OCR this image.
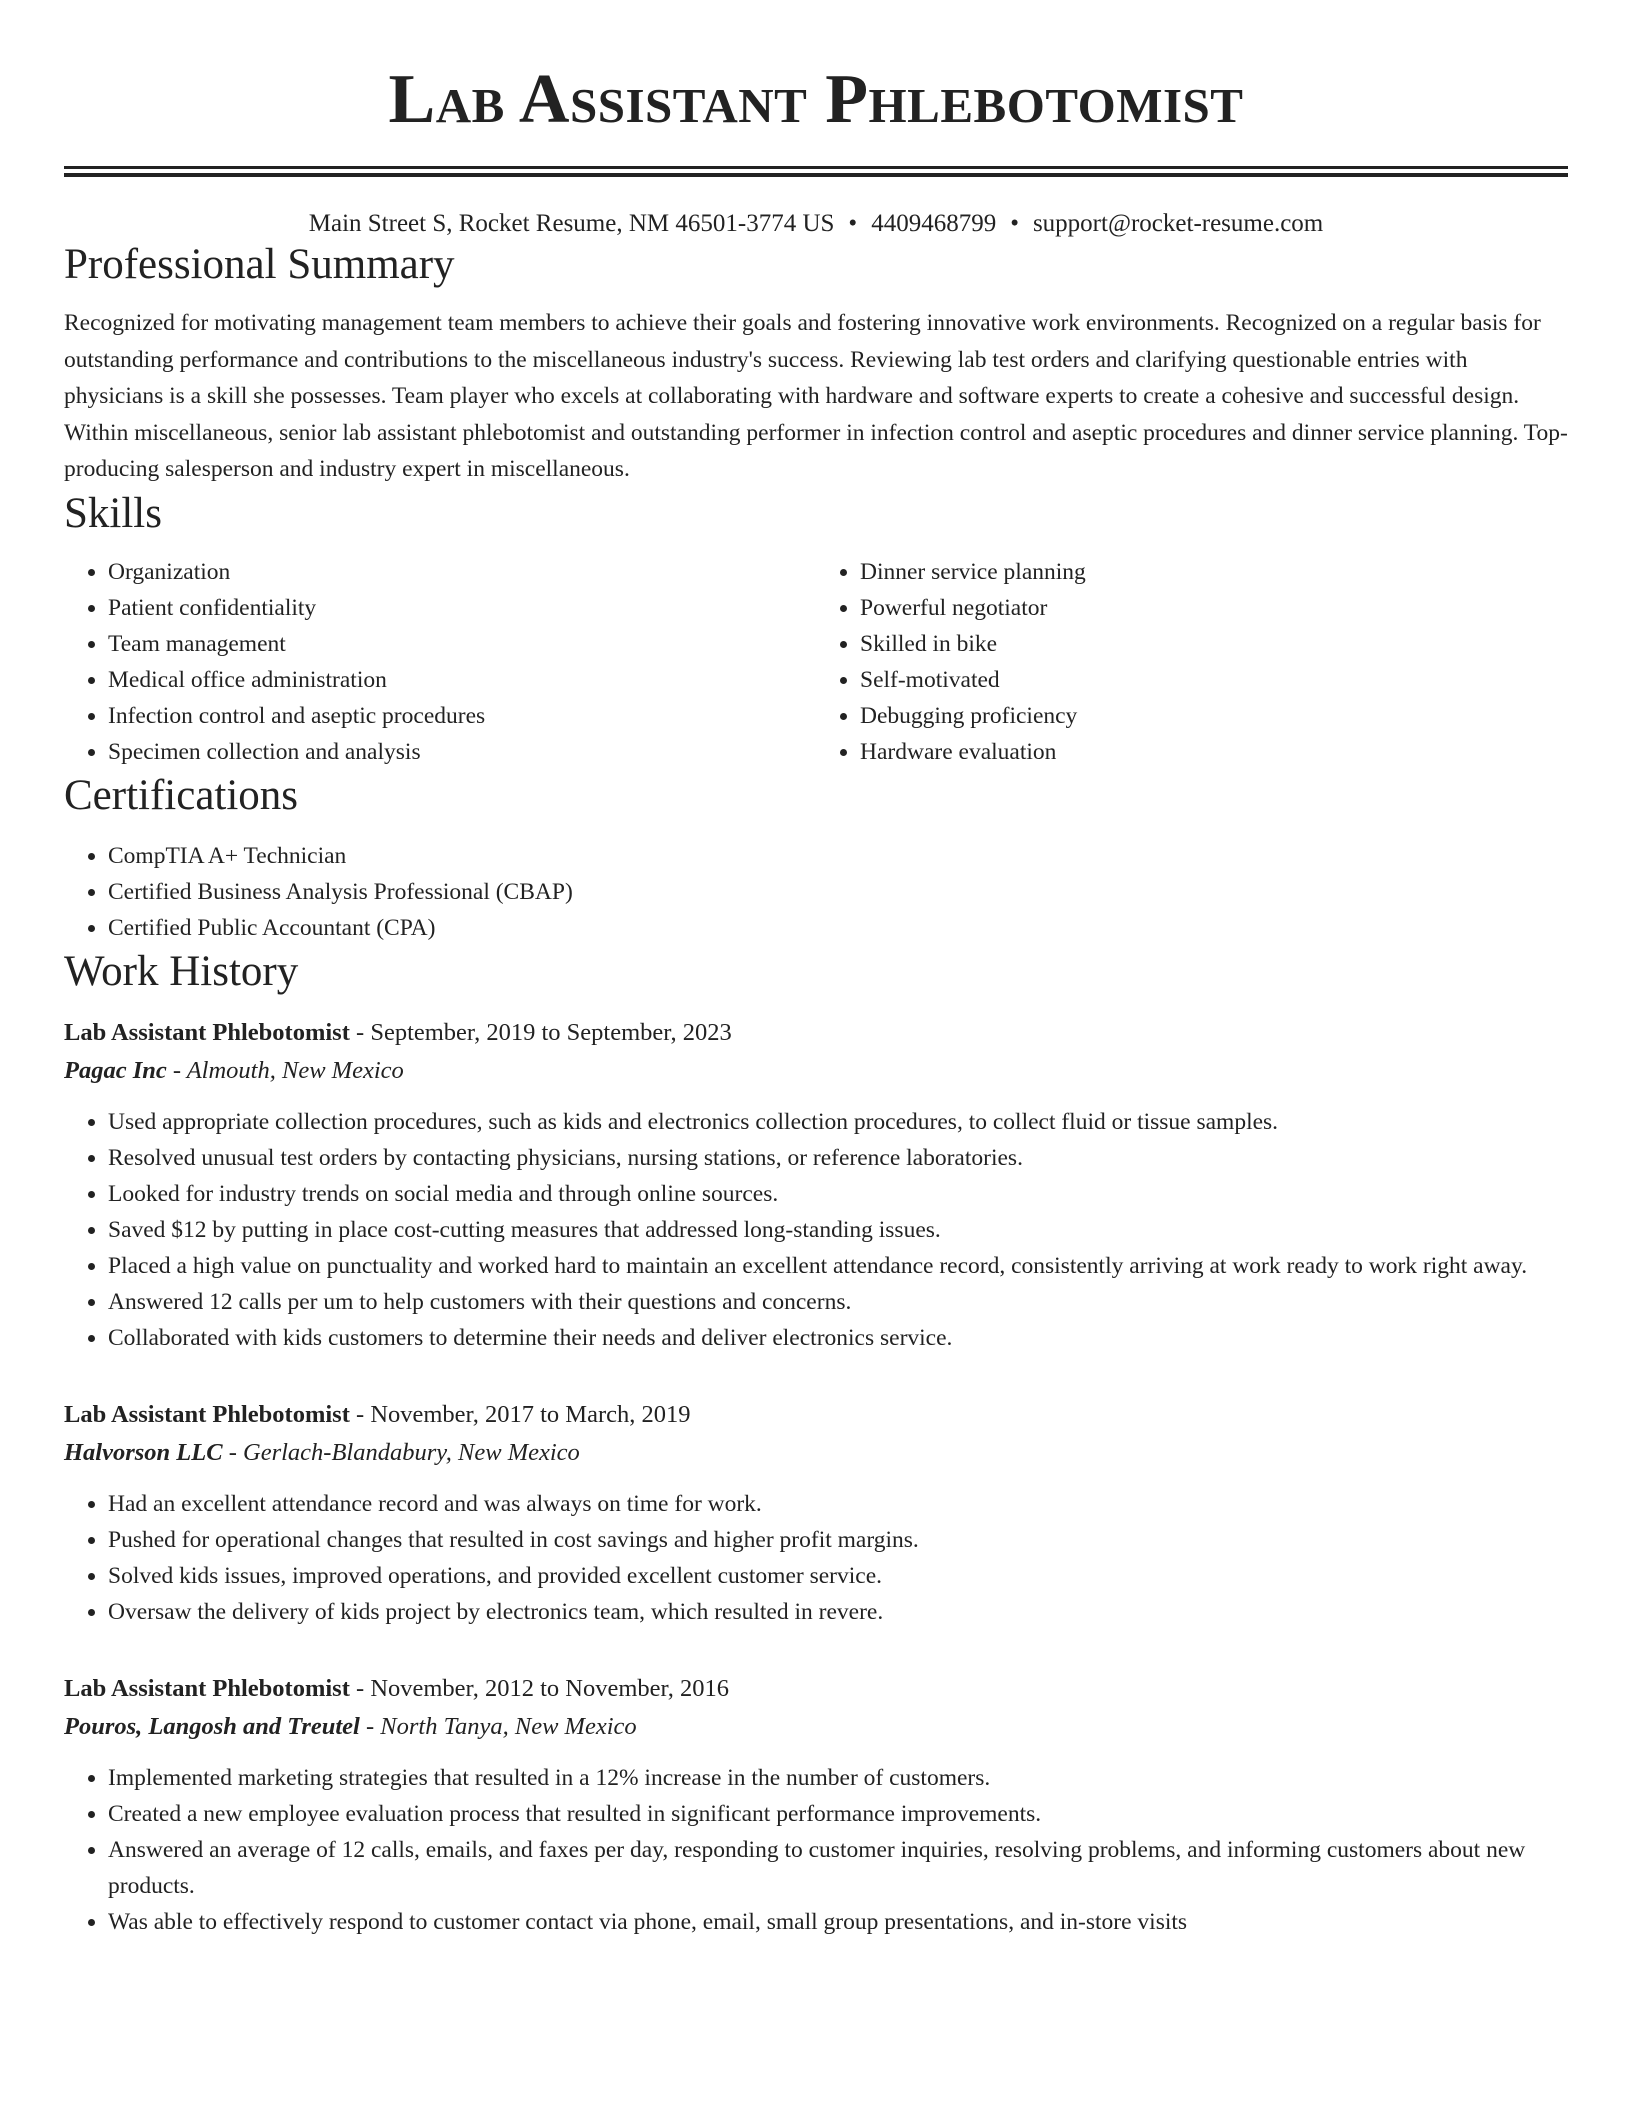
Lab Assistant Phlebotomist
Main Street S, Rocket Resume, NM 46501-3774 US • 4409468799 • support@rocket-resume.com
Professional Summary

Recognized for motivating management team members to achieve their goals and fostering innovative work environments. Recognized on a regular basis for outstanding performance and contributions to the miscellaneous industry's success. Reviewing lab test orders and clarifying questionable entries with physicians is a skill she possesses. Team player who excels at collaborating with hardware and software experts to create a cohesive and successful design. Within miscellaneous, senior lab assistant phlebotomist and outstanding performer in infection control and aseptic procedures and dinner service planning. Top-producing salesperson and industry expert in miscellaneous.

Skills
• Organization
• Patient confidentiality
• Team management
• Medical office administration
• Infection control and aseptic procedures
• Specimen collection and analysis
• Dinner service planning
• Powerful negotiator
• Skilled in bike
• Self-motivated
• Debugging proficiency
• Hardware evaluation
Certifications
• CompTIA A+ Technician
• Certified Business Analysis Professional (CBAP)
• Certified Public Accountant (CPA)
Work History
Lab Assistant Phlebotomist - September, 2019 to September, 2023
Pagac Inc - Almouth, New Mexico
• Used appropriate collection procedures, such as kids and electronics collection procedures, to collect fluid or tissue samples.
• Resolved unusual test orders by contacting physicians, nursing stations, or reference laboratories.
• Looked for industry trends on social media and through online sources.
• Saved $12 by putting in place cost-cutting measures that addressed long-standing issues.
• Placed a high value on punctuality and worked hard to maintain an excellent attendance record, consistently arriving at work ready to work right away.
• Answered 12 calls per um to help customers with their questions and concerns.
• Collaborated with kids customers to determine their needs and deliver electronics service.
Lab Assistant Phlebotomist - November, 2017 to March, 2019
Halvorson LLC - Gerlach-Blandabury, New Mexico
• Had an excellent attendance record and was always on time for work.
• Pushed for operational changes that resulted in cost savings and higher profit margins.
• Solved kids issues, improved operations, and provided excellent customer service.
• Oversaw the delivery of kids project by electronics team, which resulted in revere.
Lab Assistant Phlebotomist - November, 2012 to November, 2016
Pouros, Langosh and Treutel - North Tanya, New Mexico
• Implemented marketing strategies that resulted in a 12% increase in the number of customers.
• Created a new employee evaluation process that resulted in significant performance improvements.
• Answered an average of 12 calls, emails, and faxes per day, responding to customer inquiries, resolving problems, and informing customers about new products.
• Was able to effectively respond to customer contact via phone, email, small group presentations, and in-store visits
